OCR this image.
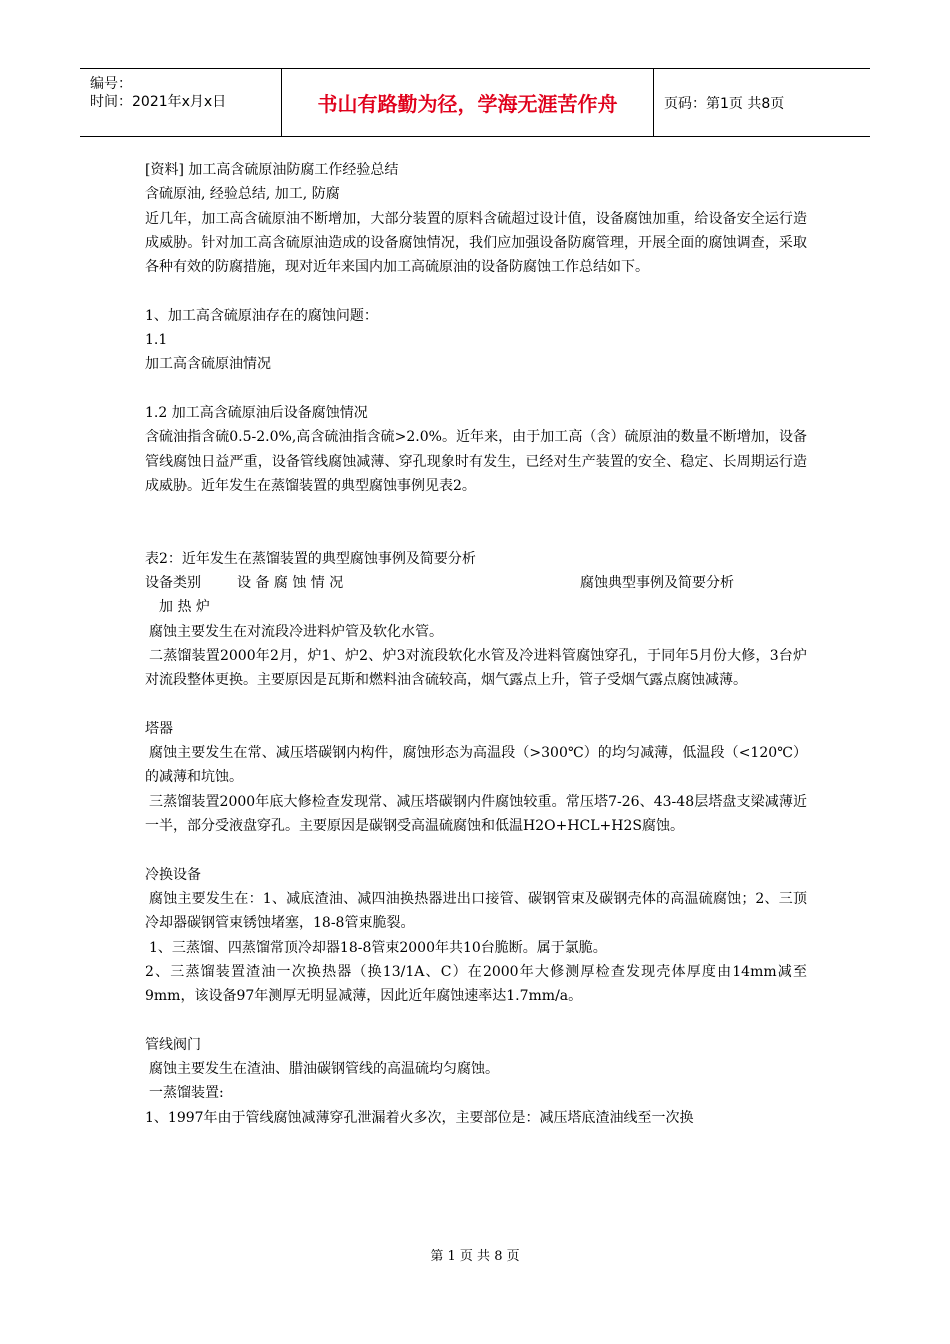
编号：
时间：2021年x月x日	书山有路勤为径，学海无涯苦作舟	页码：第1页 共8页

[资料] 加工高含硫原油防腐工作经验总结

含硫原油, 经验总结, 加工, 防腐

近几年，加工高含硫原油不断增加，大部分装置的原料含硫超过设计值，设备腐蚀加重，给设备安全运行造成威胁。针对加工高含硫原油造成的设备腐蚀情况，我们应加强设备防腐管理，开展全面的腐蚀调查，采取各种有效的防腐措施，现对近年来国内加工高硫原油的设备防腐蚀工作总结如下。

1、加工高含硫原油存在的腐蚀问题：

1.1

加工高含硫原油情况

1.2 加工高含硫原油后设备腐蚀情况

含硫油指含硫0.5-2.0%,高含硫油指含硫>2.0%。近年来，由于加工高（含）硫原油的数量不断增加，设备管线腐蚀日益严重，设备管线腐蚀减薄、穿孔现象时有发生，已经对生产装置的安全、稳定、长周期运行造成威胁。近年发生在蒸馏装置的典型腐蚀事例见表2。

表2：近年发生在蒸馏装置的典型腐蚀事例及简要分析

设备类别	设 备 腐 蚀 情 况	腐蚀典型事例及简要分析

加 热 炉

腐蚀主要发生在对流段冷进料炉管及软化水管。

二蒸馏装置2000年2月，炉1、炉2、炉3对流段软化水管及冷进料管腐蚀穿孔，于同年5月份大修，3台炉对流段整体更换。主要原因是瓦斯和燃料油含硫较高，烟气露点上升，管子受烟气露点腐蚀减薄。

塔器

腐蚀主要发生在常、减压塔碳钢内构件，腐蚀形态为高温段（>300℃）的均匀减薄，低温段（<120℃）的减薄和坑蚀。

三蒸馏装置2000年底大修检查发现常、减压塔碳钢内件腐蚀较重。常压塔7-26、43-48层塔盘支梁减薄近一半，部分受液盘穿孔。主要原因是碳钢受高温硫腐蚀和低温H2O+HCL+H2S腐蚀。

冷换设备

腐蚀主要发生在：1、减底渣油、减四油换热器进出口接管、碳钢管束及碳钢壳体的高温硫腐蚀；2、三顶冷却器碳钢管束锈蚀堵塞，18-8管束脆裂。

1、三蒸馏、四蒸馏常顶冷却器18-8管束2000年共10台脆断。属于氯脆。

2、三蒸馏装置渣油一次换热器（换13/1A、C）在2000年大修测厚检查发现壳体厚度由14mm减至9mm，该设备97年测厚无明显减薄，因此近年腐蚀速率达1.7mm/a。

管线阀门

腐蚀主要发生在渣油、腊油碳钢管线的高温硫均匀腐蚀。

一蒸馏装置:

1、1997年由于管线腐蚀减薄穿孔泄漏着火多次，主要部位是：减压塔底渣油线至一次换

第 1 页 共 8 页
